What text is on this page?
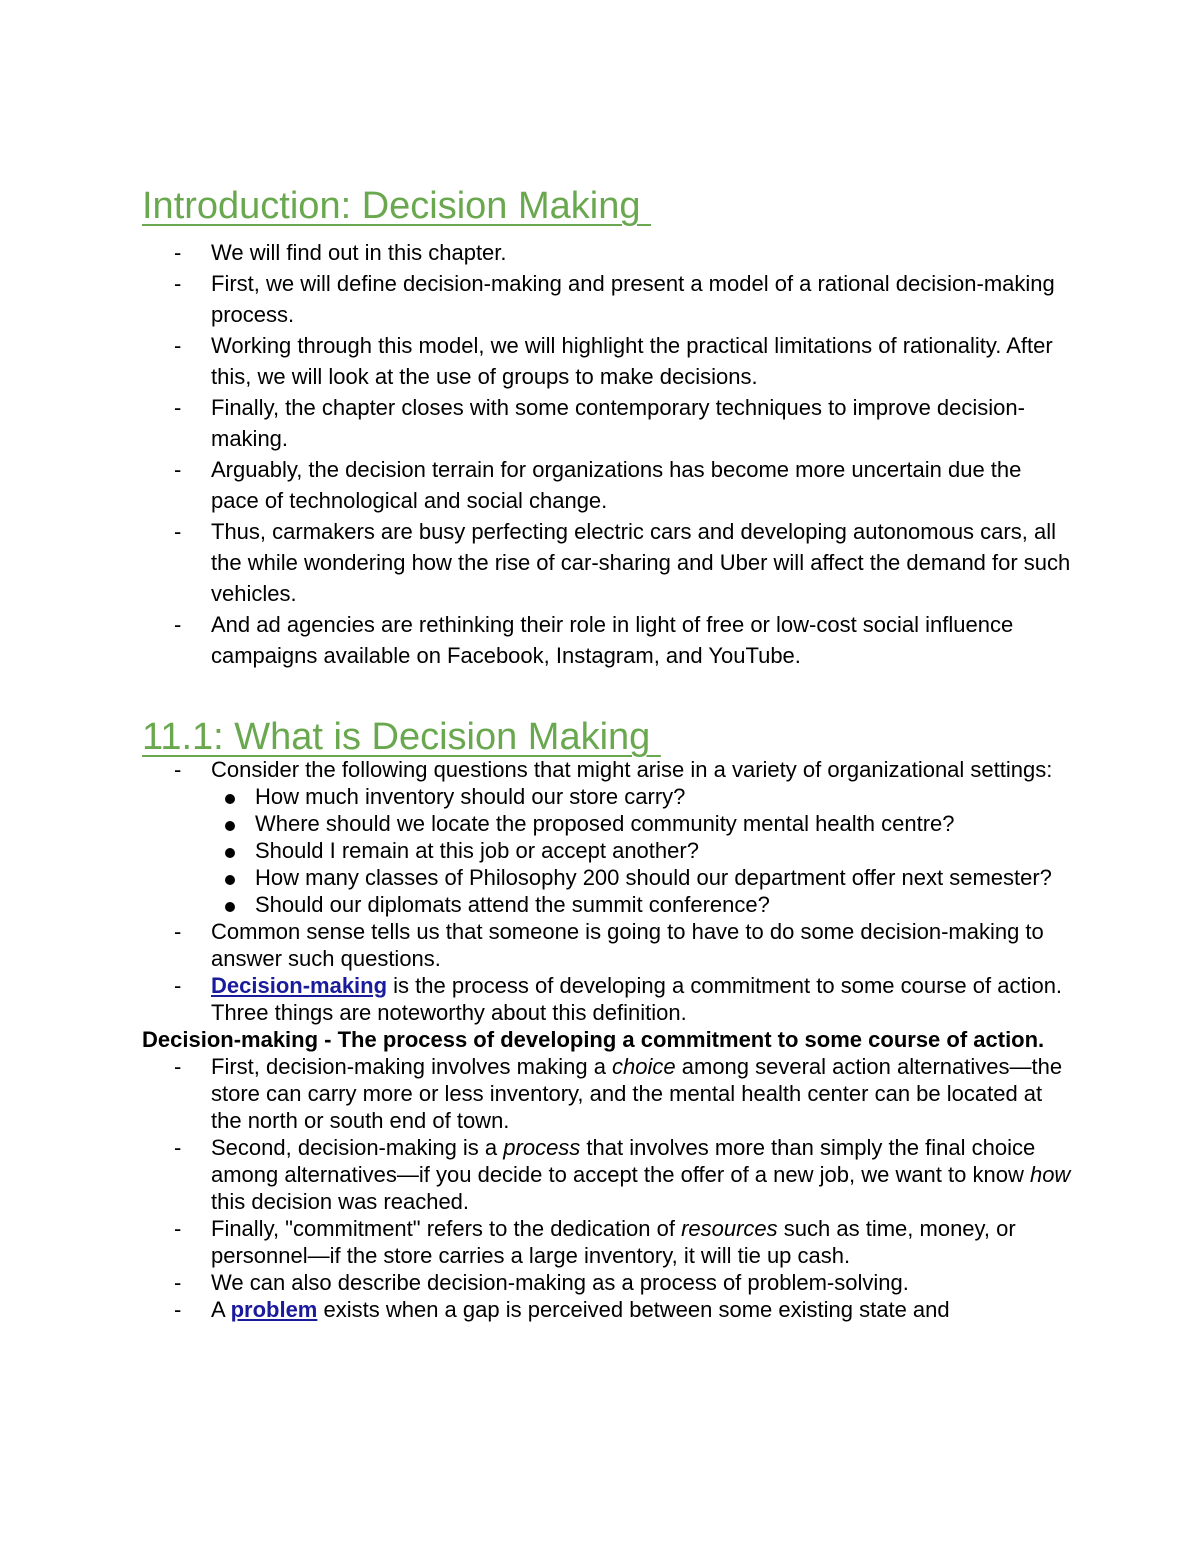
Introduction: Decision Making
- We will find out in this chapter.
- First, we will define decision-making and present a model of a rational decision-making process.
- Working through this model, we will highlight the practical limitations of rationality. After this, we will look at the use of groups to make decisions.
- Finally, the chapter closes with some contemporary techniques to improve decision-making.
- Arguably, the decision terrain for organizations has become more uncertain due the pace of technological and social change.
- Thus, carmakers are busy perfecting electric cars and developing autonomous cars, all the while wondering how the rise of car-sharing and Uber will affect the demand for such vehicles.
- And ad agencies are rethinking their role in light of free or low-cost social influence campaigns available on Facebook, Instagram, and YouTube.
11.1: What is Decision Making
- Consider the following questions that might arise in a variety of organizational settings:
How much inventory should our store carry?
Where should we locate the proposed community mental health centre?
Should I remain at this job or accept another?
How many classes of Philosophy 200 should our department offer next semester?
Should our diplomats attend the summit conference?
- Common sense tells us that someone is going to have to do some decision-making to answer such questions.
- Decision-making is the process of developing a commitment to some course of action. Three things are noteworthy about this definition.

Decision-making - The process of developing a commitment to some course of action.

- First, decision-making involves making a choice among several action alternatives—the store can carry more or less inventory, and the mental health center can be located at the north or south end of town.
- Second, decision-making is a process that involves more than simply the final choice among alternatives—if you decide to accept the offer of a new job, we want to know how this decision was reached.
- Finally, "commitment" refers to the dedication of resources such as time, money, or personnel—if the store carries a large inventory, it will tie up cash.
- We can also describe decision-making as a process of problem-solving.
- A problem exists when a gap is perceived between some existing state and
